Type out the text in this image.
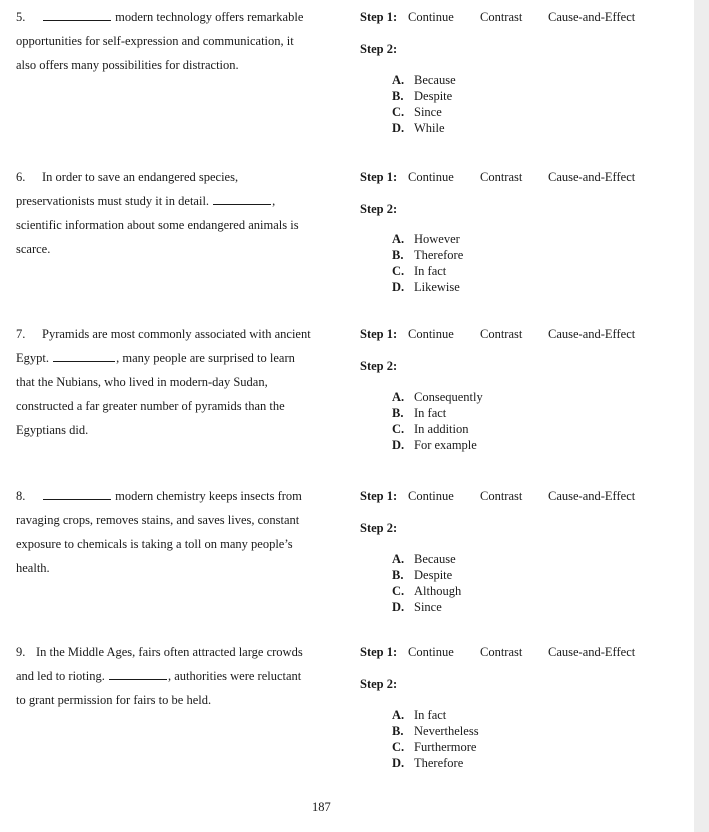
5.	modern technology offers remarkable
opportunities for self-expression and communication, it
also offers many possibilities for distraction.
Step 1: Continue Contrast Cause-and-Effect
Step 2:
A. Because
B. Despite
C. Since
D. While
6. In order to save an endangered species,
preservationists must study it in detail.	,
scientific information about some endangered animals is
scarce.
Step 1: Continue Contrast Cause-and-Effect
Step 2:
A. However
B. Therefore
C. In fact
D. Likewise
7. Pyramids are most commonly associated with ancient
Egypt.	, many people are surprised to learn
that the Nubians, who lived in modern-day Sudan,
constructed a far greater number of pyramids than the
Egyptians did.
Step 1: Continue Contrast Cause-and-Effect
Step 2:
A. Consequently
B. In fact
C. In addition
D. For example
8.	modern chemistry keeps insects from
ravaging crops, removes stains, and saves lives, constant
exposure to chemicals is taking a toll on many people’s
health.
Step 1: Continue Contrast Cause-and-Effect
Step 2:
A. Because
B. Despite
C. Although
D. Since
9. In the Middle Ages, fairs often attracted large crowds
and led to rioting.	, authorities were reluctant
to grant permission for fairs to be held.
Step 1: Continue Contrast Cause-and-Effect
Step 2:
A. In fact
B. Nevertheless
C. Furthermore
D. Therefore
187
